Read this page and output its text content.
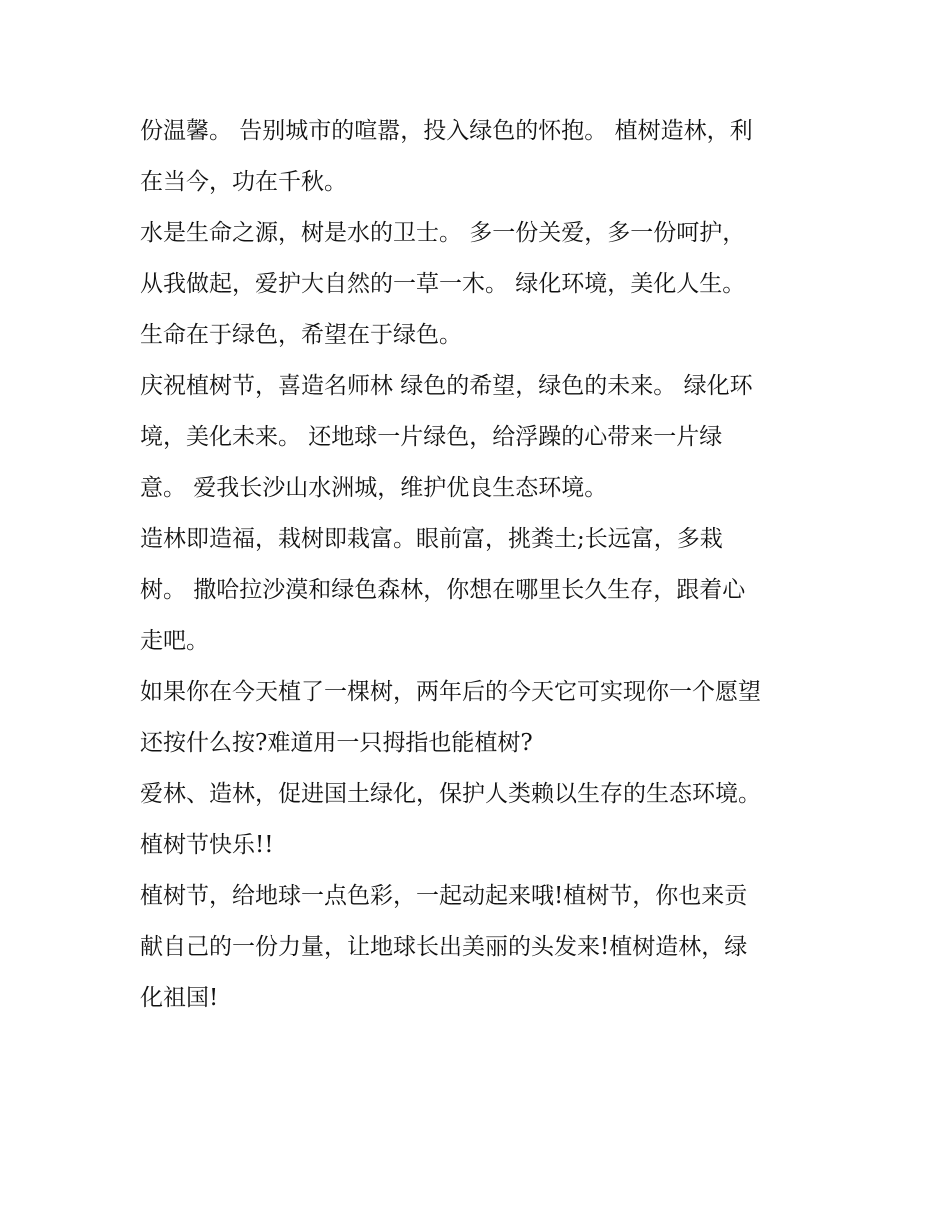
份温馨。 告别城市的喧嚣，投入绿色的怀抱。 植树造林，利
在当今，功在千秋。
水是生命之源，树是水的卫士。 多一份关爱，多一份呵护，
从我做起，爱护大自然的一草一木。 绿化环境，美化人生。
生命在于绿色，希望在于绿色。
庆祝植树节，喜造名师林 绿色的希望，绿色的未来。 绿化环
境，美化未来。 还地球一片绿色，给浮躁的心带来一片绿
意。 爱我长沙山水洲城，维护优良生态环境。
造林即造福，栽树即栽富。眼前富，挑粪土;长远富，多栽
树。 撒哈拉沙漠和绿色森林，你想在哪里长久生存，跟着心
走吧。
如果你在今天植了一棵树，两年后的今天它可实现你一个愿望
还按什么按?难道用一只拇指也能植树?
爱林、造林，促进国土绿化，保护人类赖以生存的生态环境。
植树节快乐!!
植树节，给地球一点色彩，一起动起来哦!植树节，你也来贡
献自己的一份力量，让地球长出美丽的头发来!植树造林，绿
化祖国!
